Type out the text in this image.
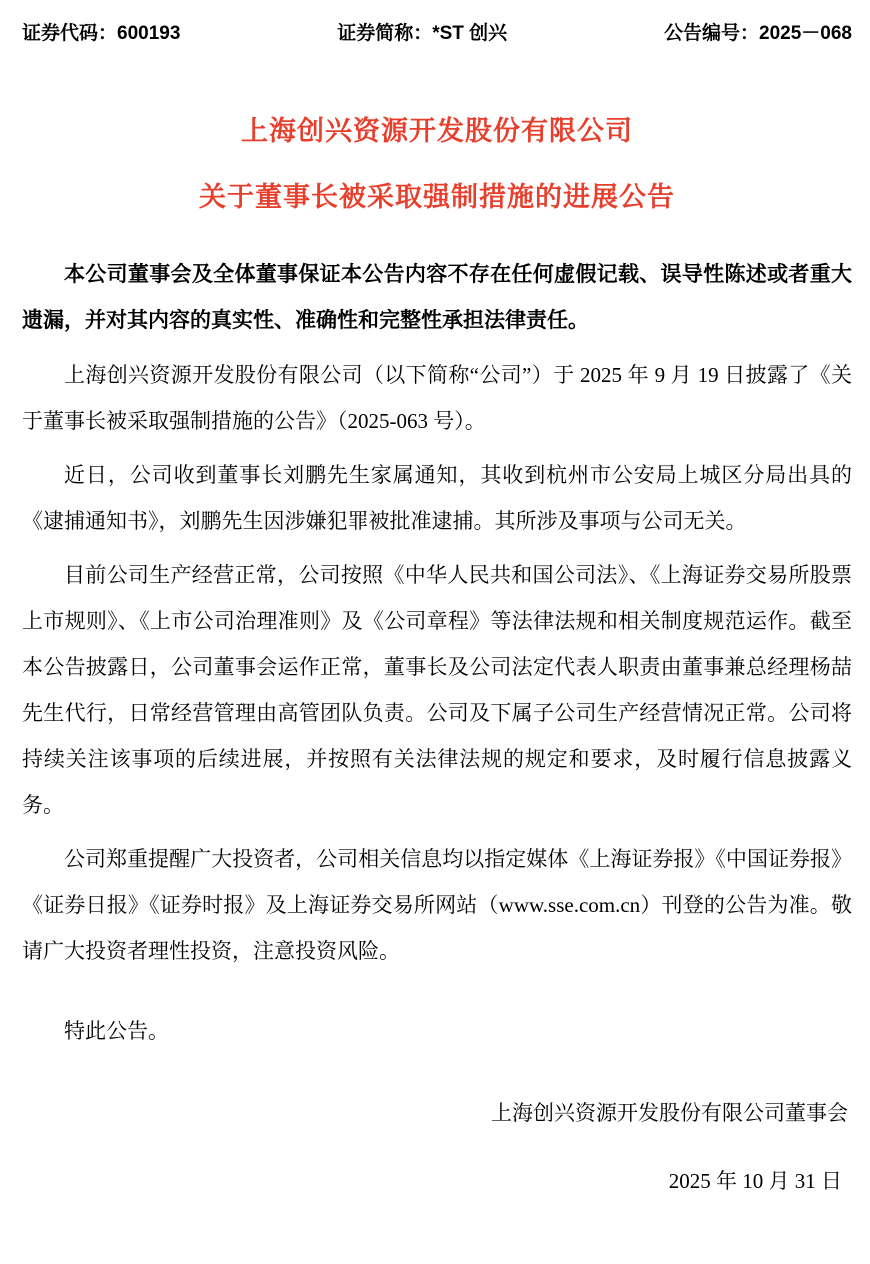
证券代码：600193	证券简称：*ST 创兴	公告编号：2025－068
上海创兴资源开发股份有限公司
关于董事长被采取强制措施的进展公告

本公司董事会及全体董事保证本公告内容不存在任何虚假记载、误导性陈述或者重大遗漏，并对其内容的真实性、准确性和完整性承担法律责任。

上海创兴资源开发股份有限公司（以下简称“公司”）于 2025 年 9 月 19 日披露了《关于董事长被采取强制措施的公告》（2025-063 号）。

近日，公司收到董事长刘鹏先生家属通知，其收到杭州市公安局上城区分局出具的《逮捕通知书》，刘鹏先生因涉嫌犯罪被批准逮捕。其所涉及事项与公司无关。

目前公司生产经营正常，公司按照《中华人民共和国公司法》、《上海证券交易所股票上市规则》、《上市公司治理准则》及《公司章程》等法律法规和相关制度规范运作。截至本公告披露日，公司董事会运作正常，董事长及公司法定代表人职责由董事兼总经理杨喆先生代行，日常经营管理由高管团队负责。公司及下属子公司生产经营情况正常。公司将持续关注该事项的后续进展，并按照有关法律法规的规定和要求，及时履行信息披露义务。

公司郑重提醒广大投资者，公司相关信息均以指定媒体《上海证券报》《中国证券报》《证券日报》《证券时报》及上海证券交易所网站（www.sse.com.cn）刊登的公告为准。敬请广大投资者理性投资，注意投资风险。

特此公告。

上海创兴资源开发股份有限公司董事会

2025 年 10 月 31 日
